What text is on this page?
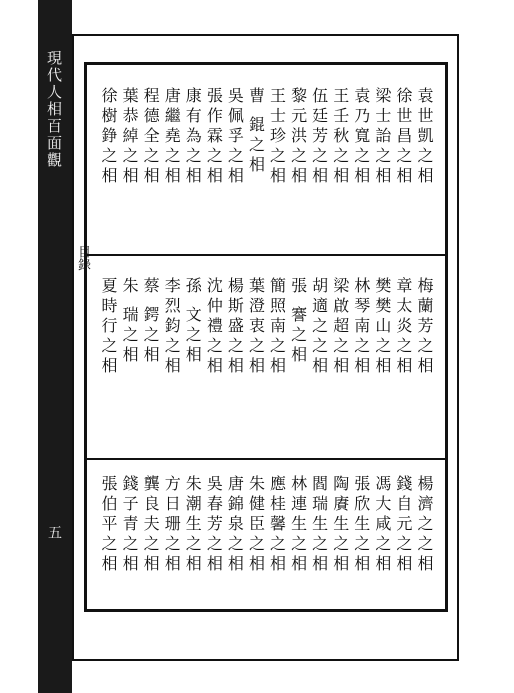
現代人相百面觀
五
目錄
袁世凱之相
徐世昌之相
梁士詒之相
袁乃寬之相
王壬秋之相
伍廷芳之相
黎元洪之相
王士珍之相
曹 錕之相
吳佩孚之相
張作霖之相
康有為之相
唐繼堯之相
程德全之相
葉恭綽之相
徐樹錚之相
梅蘭芳之相
章太炎之相
樊樊山之相
林琴南之相
梁啟超之相
胡適之之相
張 謇之相
簡照南之相
葉澄衷之相
楊斯盛之相
沈仲禮之相
孫 文之相
李烈鈞之相
蔡 鍔之相
朱 瑞之相
夏時行之相
楊濟之之相
錢自元之相
馮大咸之相
張欣生之相
陶賡生之相
閻瑞生之相
林連生之相
應桂馨之相
朱健臣之相
唐錦泉之相
吳春芳之相
朱潮生之相
方日珊之相
龔良夫之相
錢子青之相
張伯平之相
